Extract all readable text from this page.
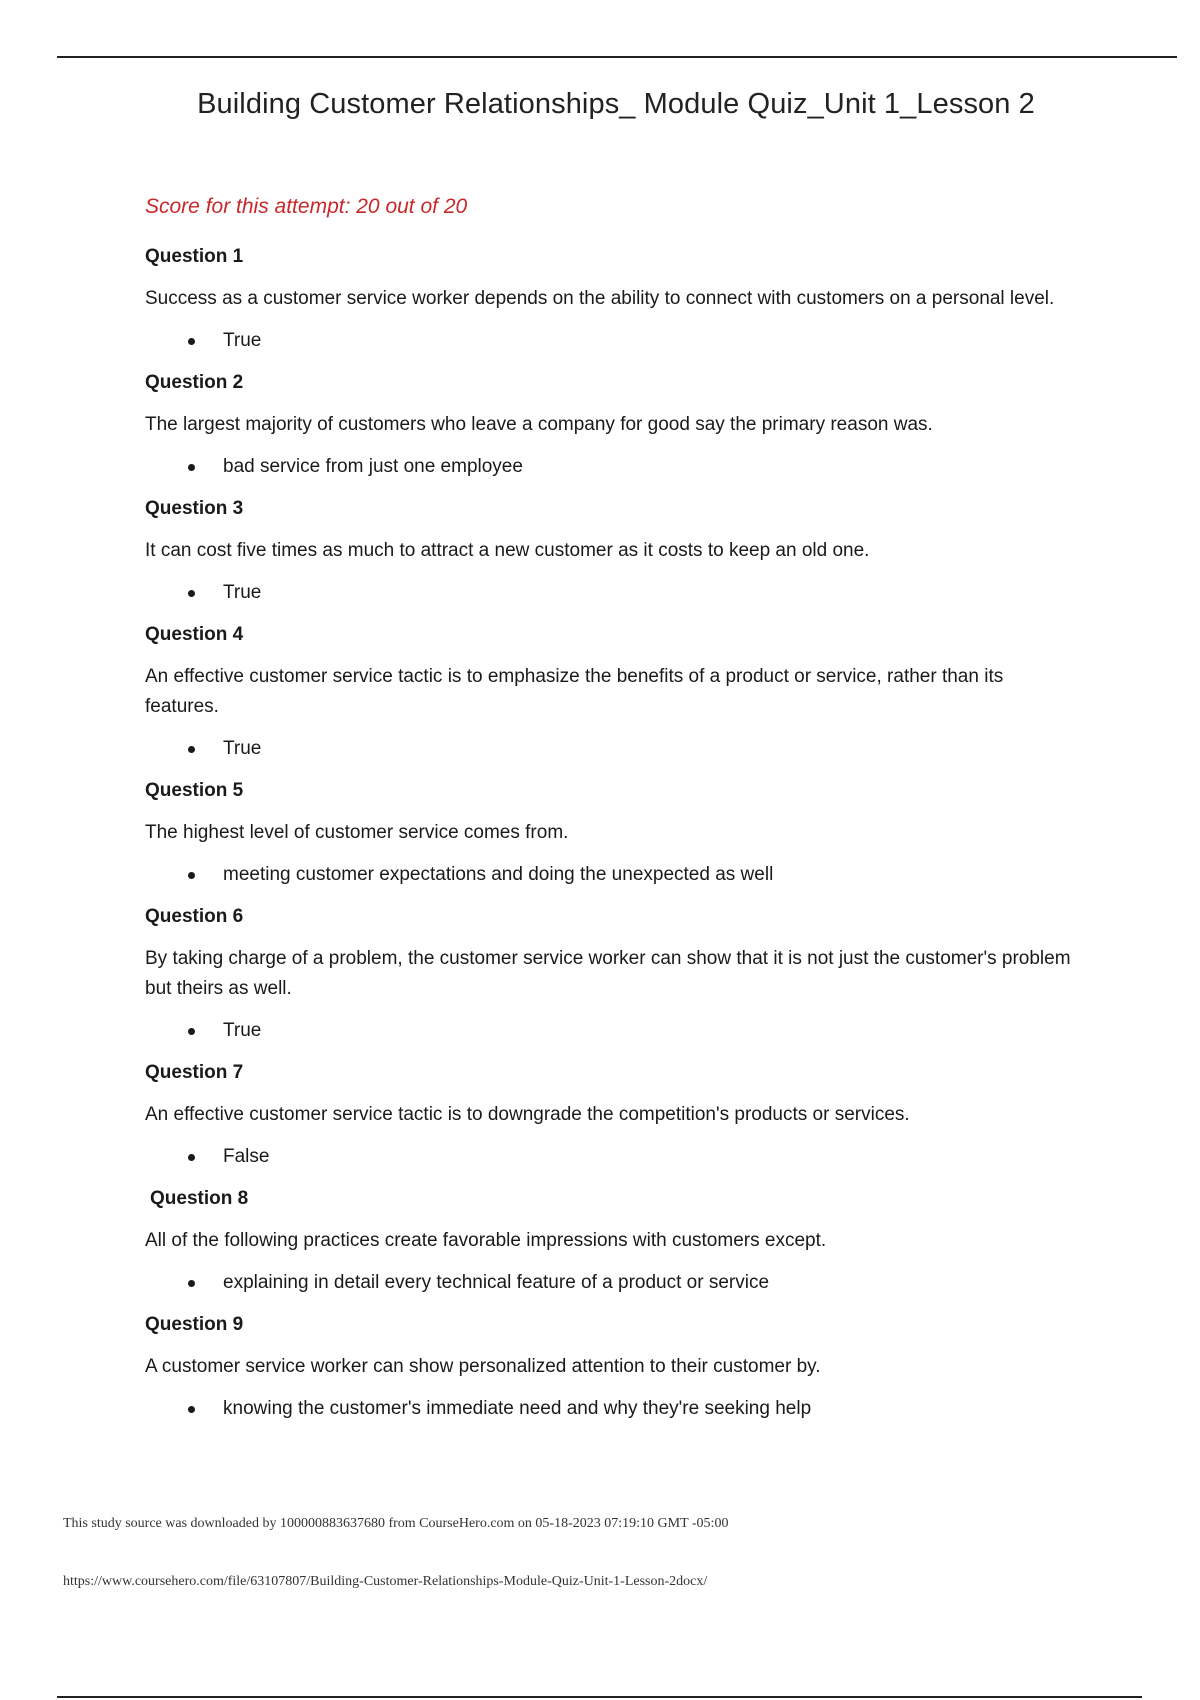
Building Customer Relationships_ Module Quiz_Unit 1_Lesson 2
Score for this attempt: 20 out of 20
Question 1
Success as a customer service worker depends on the ability to connect with customers on a personal level.
True
Question 2
The largest majority of customers who leave a company for good say the primary reason was.
bad service from just one employee
Question 3
It can cost five times as much to attract a new customer as it costs to keep an old one.
True
Question 4
An effective customer service tactic is to emphasize the benefits of a product or service, rather than its features.
True
Question 5
The highest level of customer service comes from.
meeting customer expectations and doing the unexpected as well
Question 6
By taking charge of a problem, the customer service worker can show that it is not just the customer's problem but theirs as well.
True
Question 7
An effective customer service tactic is to downgrade the competition's products or services.
False
Question 8
All of the following practices create favorable impressions with customers except.
explaining in detail every technical feature of a product or service
Question 9
A customer service worker can show personalized attention to their customer by.
knowing the customer's immediate need and why they're seeking help
This study source was downloaded by 100000883637680 from CourseHero.com on 05-18-2023 07:19:10 GMT -05:00
https://www.coursehero.com/file/63107807/Building-Customer-Relationships-Module-Quiz-Unit-1-Lesson-2docx/
